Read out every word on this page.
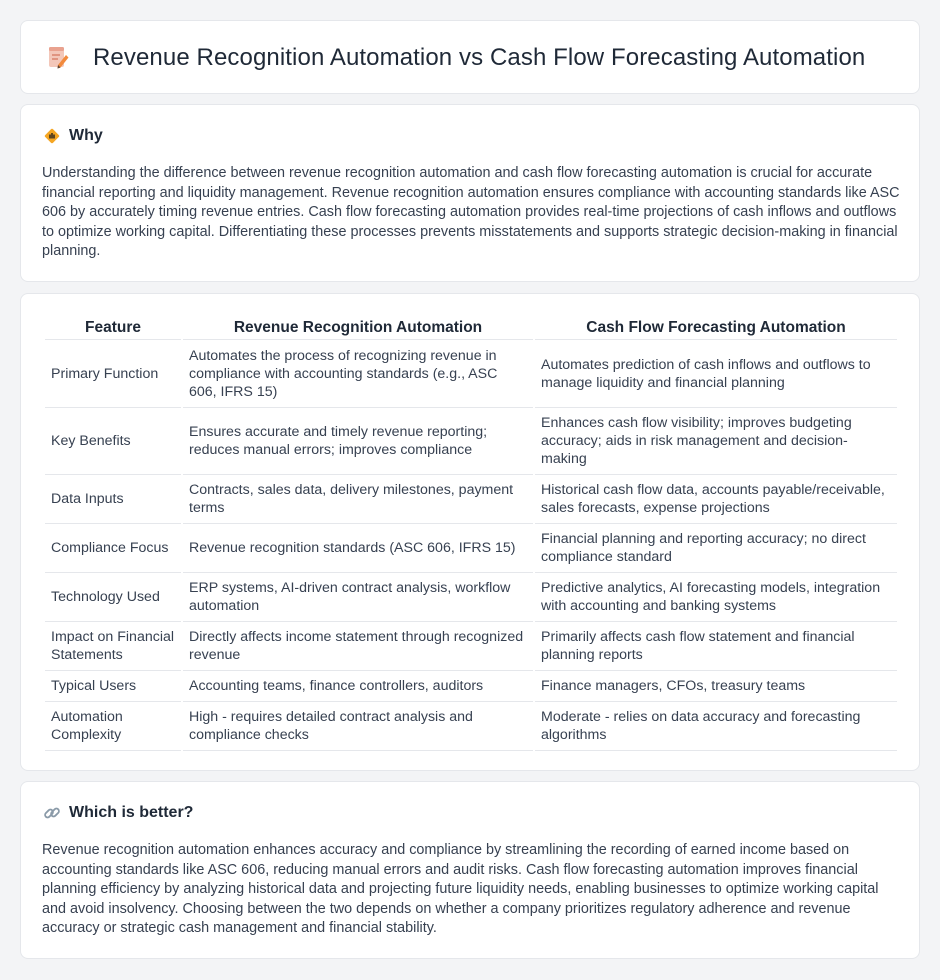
Revenue Recognition Automation vs Cash Flow Forecasting Automation
Why

Understanding the difference between revenue recognition automation and cash flow forecasting automation is crucial for accurate financial reporting and liquidity management. Revenue recognition automation ensures compliance with accounting standards like ASC 606 by accurately timing revenue entries. Cash flow forecasting automation provides real-time projections of cash inflows and outflows to optimize working capital. Differentiating these processes prevents misstatements and supports strategic decision-making in financial planning.

Feature	Revenue Recognition Automation	Cash Flow Forecasting Automation
Primary Function	Automates the process of recognizing revenue in compliance with accounting standards (e.g., ASC 606, IFRS 15)	Automates prediction of cash inflows and outflows to manage liquidity and financial planning
Key Benefits	Ensures accurate and timely revenue reporting; reduces manual errors; improves compliance	Enhances cash flow visibility; improves budgeting accuracy; aids in risk management and decision-making
Data Inputs	Contracts, sales data, delivery milestones, payment terms	Historical cash flow data, accounts payable/receivable, sales forecasts, expense projections
Compliance Focus	Revenue recognition standards (ASC 606, IFRS 15)	Financial planning and reporting accuracy; no direct compliance standard
Technology Used	ERP systems, AI-driven contract analysis, workflow automation	Predictive analytics, AI forecasting models, integration with accounting and banking systems
Impact on Financial Statements	Directly affects income statement through recognized revenue	Primarily affects cash flow statement and financial planning reports
Typical Users	Accounting teams, finance controllers, auditors	Finance managers, CFOs, treasury teams
Automation Complexity	High - requires detailed contract analysis and compliance checks	Moderate - relies on data accuracy and forecasting algorithms
Which is better?

Revenue recognition automation enhances accuracy and compliance by streamlining the recording of earned income based on accounting standards like ASC 606, reducing manual errors and audit risks. Cash flow forecasting automation improves financial planning efficiency by analyzing historical data and projecting future liquidity needs, enabling businesses to optimize working capital and avoid insolvency. Choosing between the two depends on whether a company prioritizes regulatory adherence and revenue accuracy or strategic cash management and financial stability.
